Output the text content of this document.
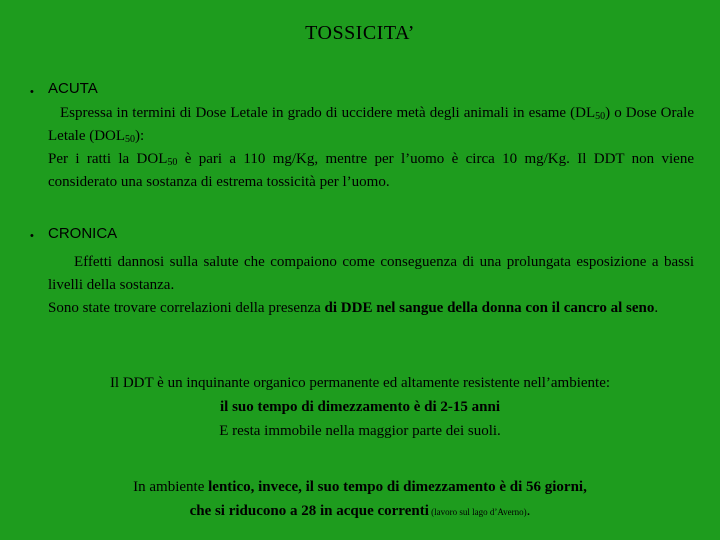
TOSSICITA’
• ACUTA

Espressa in termini di Dose Letale in grado di uccidere metà degli animali in esame $(DL_{50})$ o Dose Orale Letale $(DOL_{50})$:

Per i ratti la $DOL_{50}$ è pari a 110 mg/Kg, mentre per l’uomo è circa 10 mg/Kg. Il DDT non viene considerato una sostanza di estrema tossicità per l’uomo.

• CRONICA

Effetti dannosi sulla salute che compaiono come conseguenza di una prolungata esposizione a bassi livelli della sostanza.

Sono state trovare correlazioni della presenza di DDE nel sangue della donna con il cancro al seno.

Il DDT è un inquinante organico permanente ed altamente resistente nell’ambiente:

il suo tempo di dimezzamento è di 2-15 anni

E resta immobile nella maggior parte dei suoli.

In ambiente lentico, invece, il suo tempo di dimezzamento è di 56 giorni,

che si riducono a 28 in acque correnti (lavoro sul lago d’Averno).
